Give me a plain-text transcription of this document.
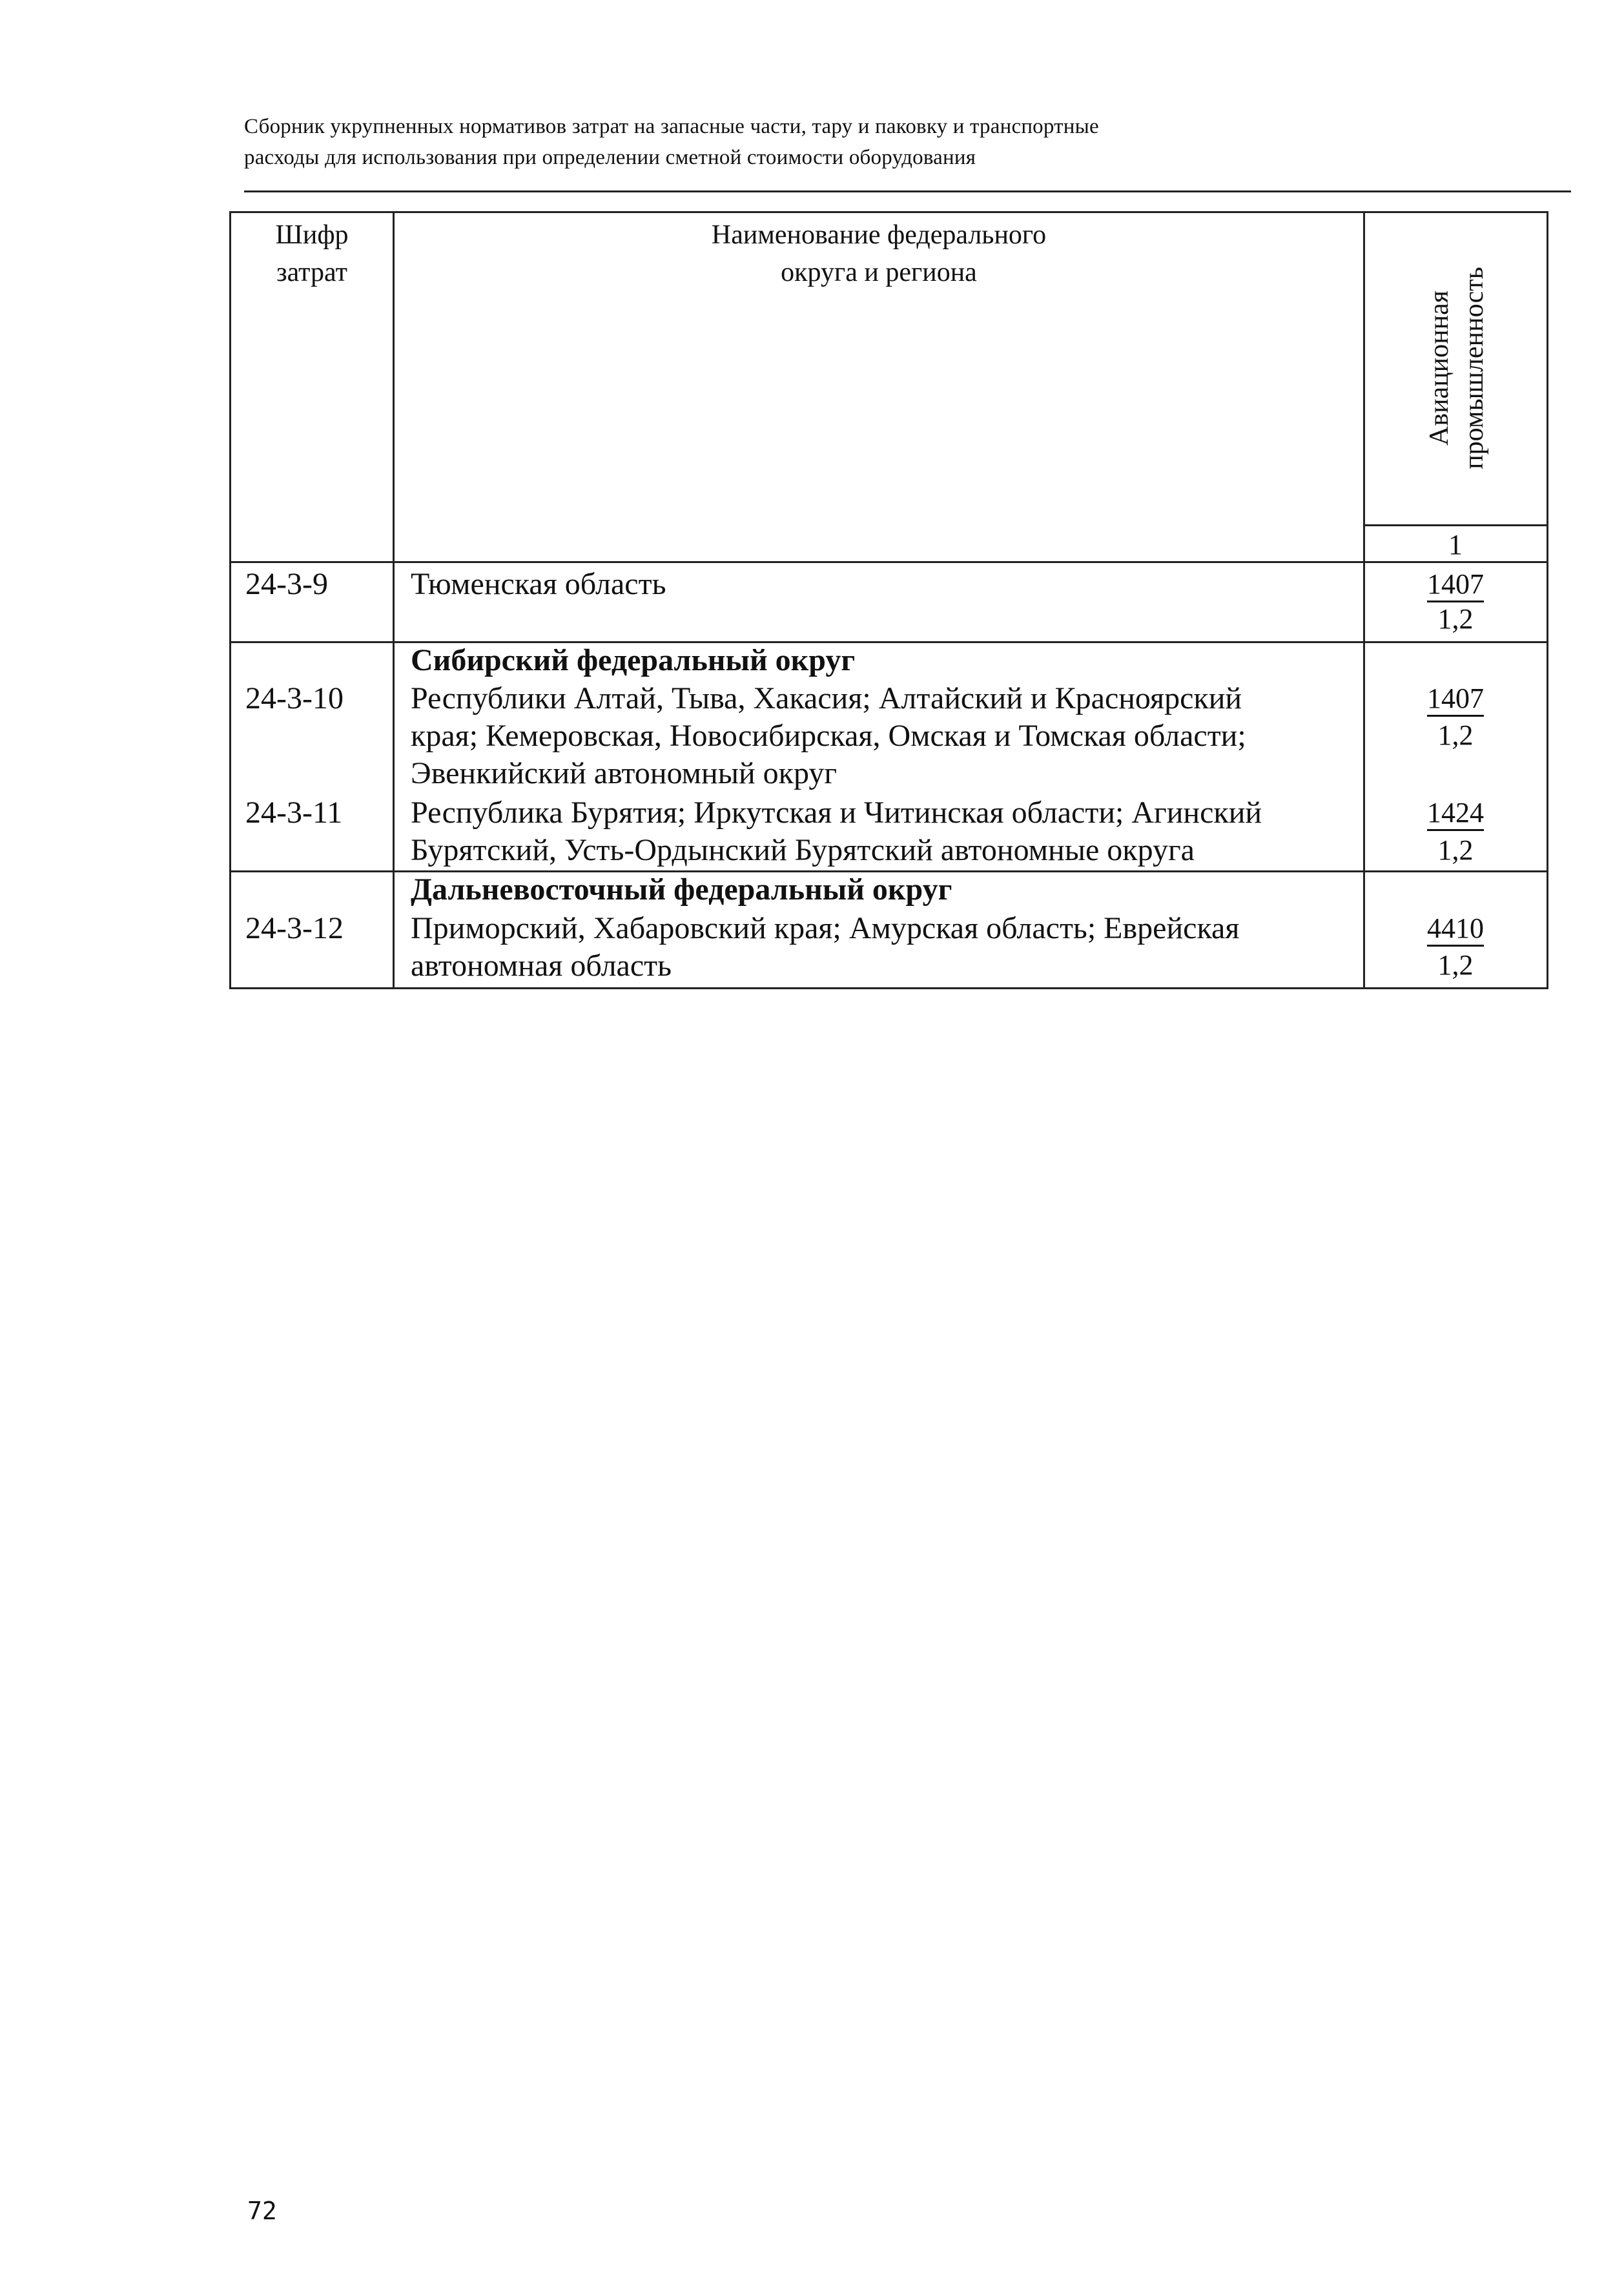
Сборник укрупненных нормативов затрат на запасные части, тару и паковку и транспортные
расходы для использования при определении сметной стоимости оборудования
Шифр затрат
Наименование федерального
округа и региона
Авиационная промышленность
1
24-3-9	Тюменская область	1407
1,2
Сибирский федеральный округ
24-3-10 Республики Алтай, Тыва, Хакасия; Алтайский и Красноярский
края; Кемеровская, Новосибирская, Омская и Томская области;
Эвенкийский автономный округ
1407
1,2
24-3-11 Республика Бурятия; Иркутская и Читинская области; Агинский
Бурятский, Усть-Ордынский Бурятский автономные округа
1424
1,2
Дальневосточный федеральный округ
24-3-12 Приморский, Хабаровский края; Амурская область; Еврейская
автономная область
4410
1,2
72
